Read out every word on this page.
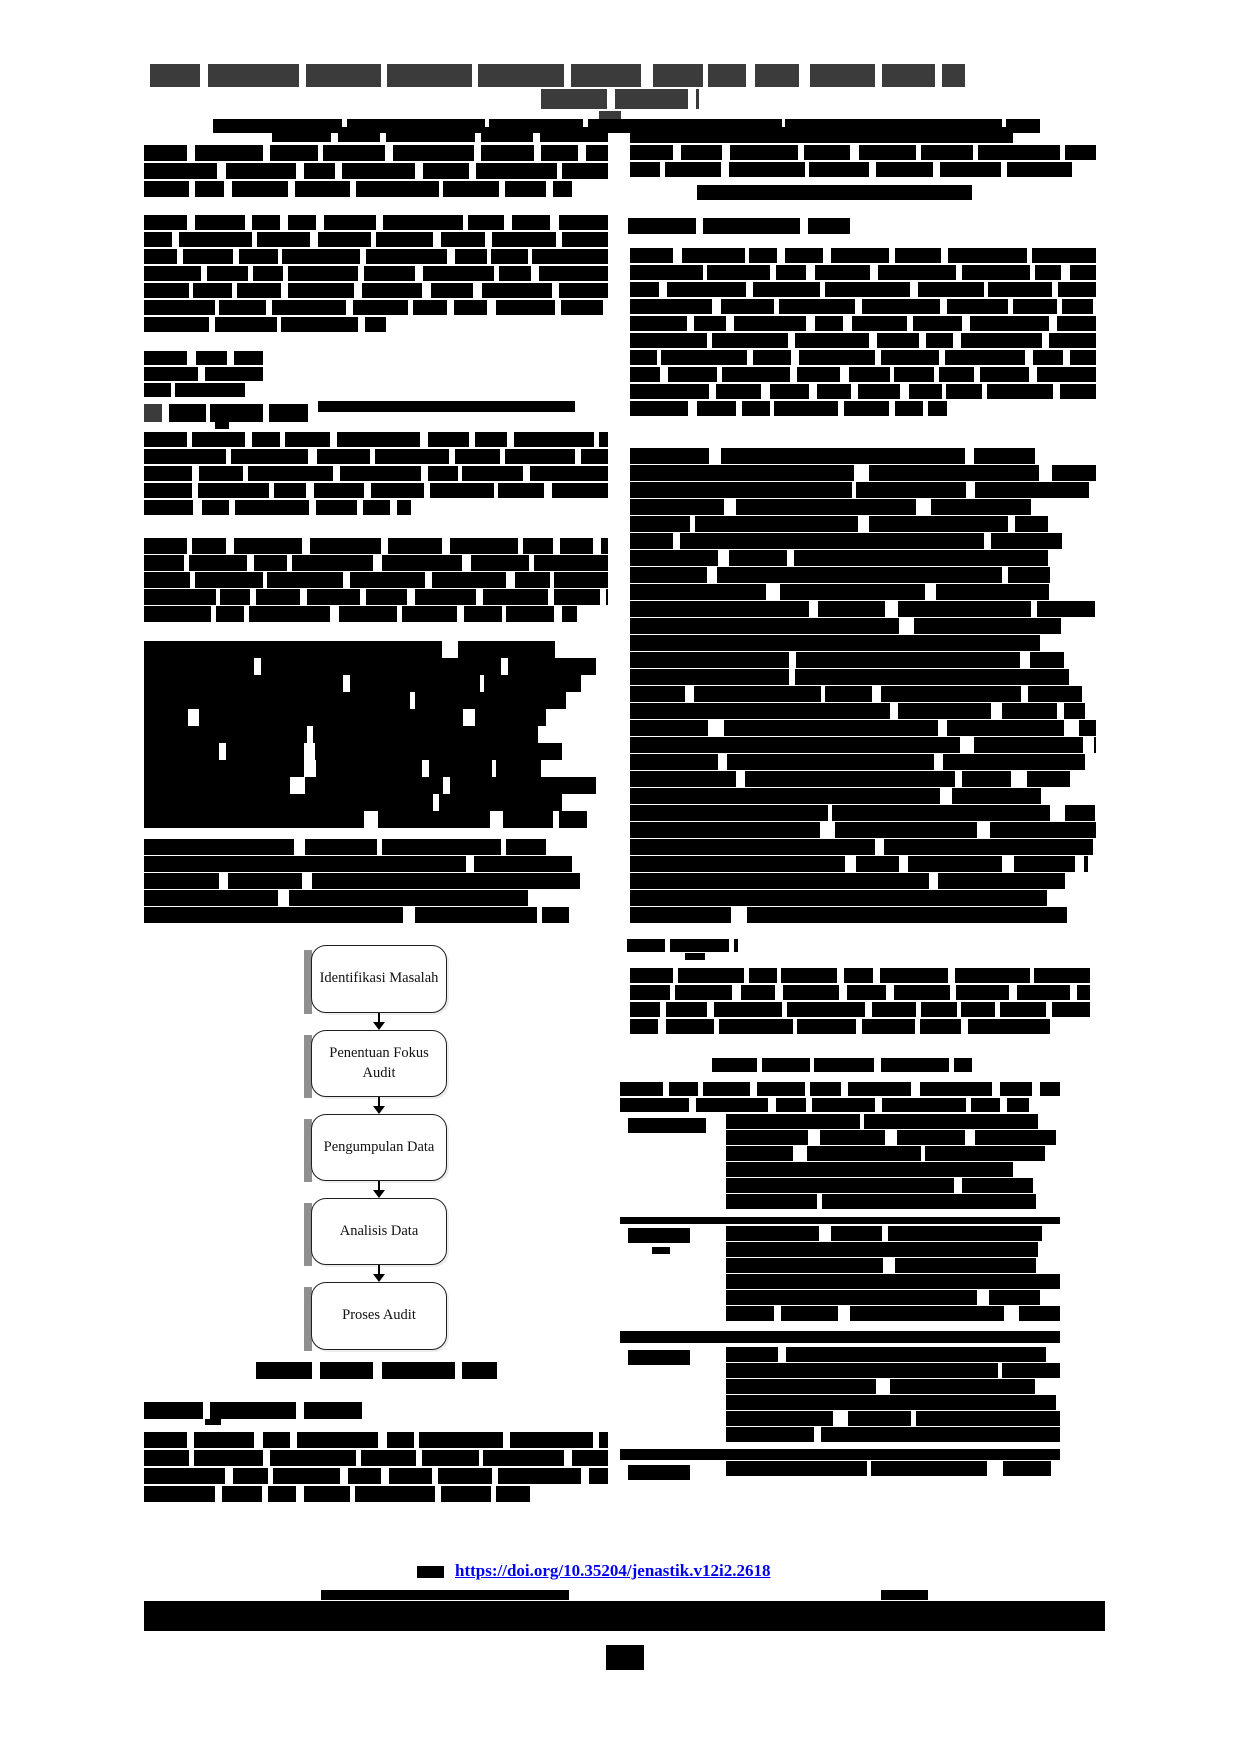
Identifikasi Masalah
Penentuan Fokus Audit
Pengumpulan Data
Analisis Data
Proses Audit
https://doi.org/10.35204/jenastik.v12i2.2618
